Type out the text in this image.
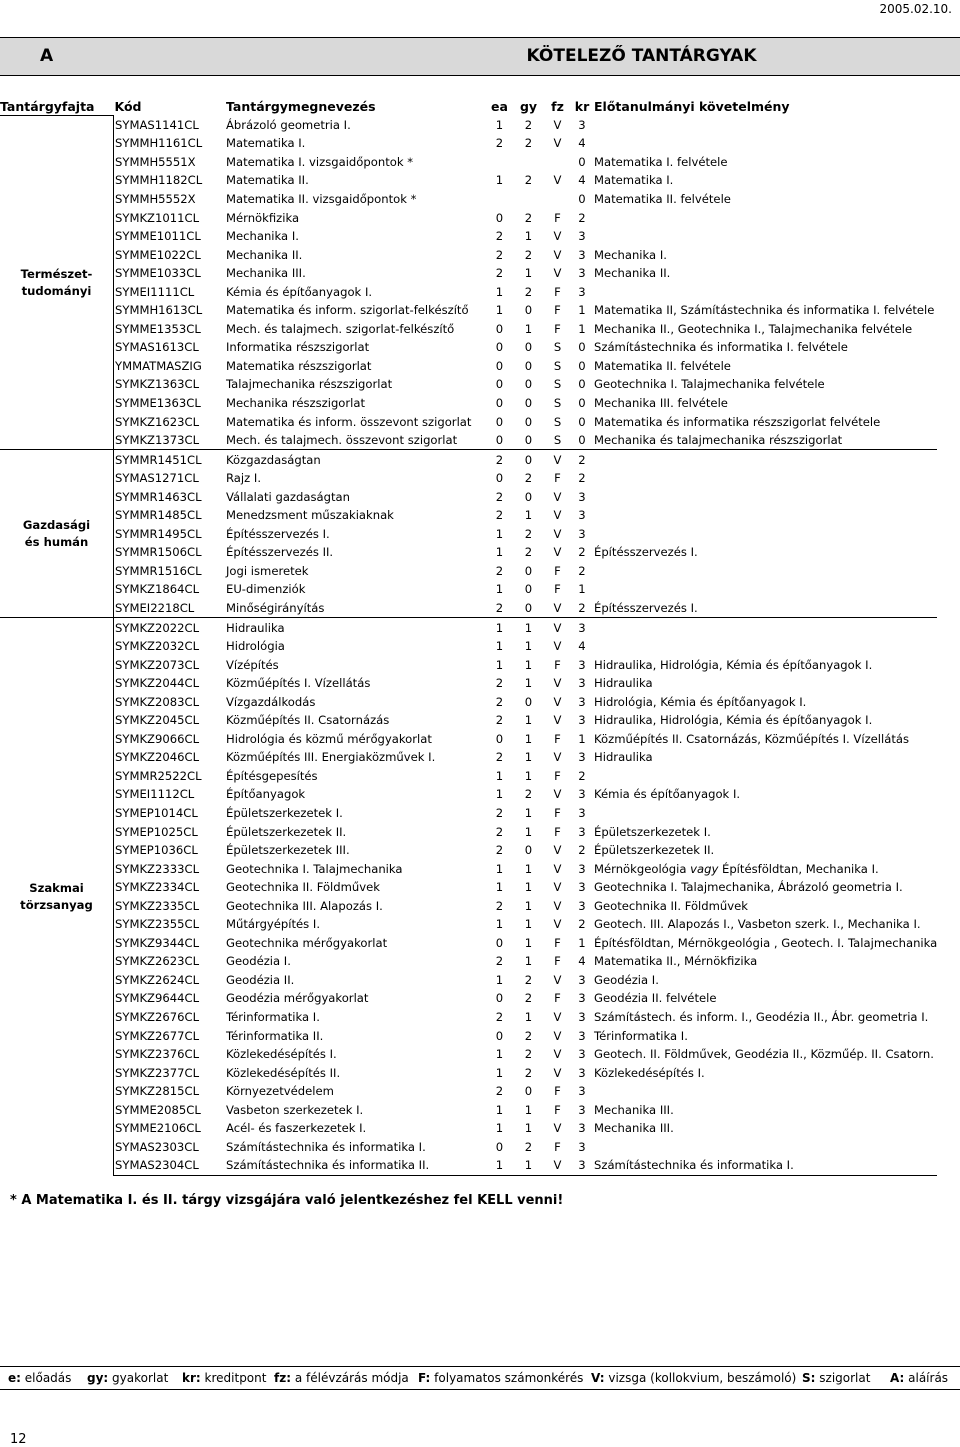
2005.02.10.
A	KÖTELEZŐ TANTÁRGYAK
Tantárgyfajta	Kód	Tantárgymegnevezés	ea	gy	fz	kr	Előtanulmányi követelmény
Természet-
tudományi	SYMAS1141CL	Ábrázoló geometria I.	1	2	V	3	
	SYMMH1161CL	Matematika I.	2	2	V	4	
	SYMMH5551X	Matematika I. vizsgaidőpontok *				0	Matematika I. felvétele
	SYMMH1182CL	Matematika II.	1	2	V	4	Matematika I.
	SYMMH5552X	Matematika II. vizsgaidőpontok *				0	Matematika II. felvétele
	SYMKZ1011CL	Mérnökfizika	0	2	F	2	
	SYMME1011CL	Mechanika I.	2	1	V	3	
	SYMME1022CL	Mechanika II.	2	2	V	3	Mechanika I.
	SYMME1033CL	Mechanika III.	2	1	V	3	Mechanika II.
	SYMEI1111CL	Kémia és építőanyagok I.	1	2	F	3	
	SYMMH1613CL	Matematika és inform. szigorlat-felkészítő	1	0	F	1	Matematika II, Számítástechnika és informatika I. felvétele
	SYMME1353CL	Mech. és talajmech. szigorlat-felkészítő	0	1	F	1	Mechanika II., Geotechnika I., Talajmechanika felvétele
	SYMAS1613CL	Informatika részszigorlat	0	0	S	0	Számítástechnika és informatika I. felvétele
	YMMATMASZIG	Matematika részszigorlat	0	0	S	0	Matematika II. felvétele
	SYMKZ1363CL	Talajmechanika részszigorlat	0	0	S	0	Geotechnika I. Talajmechanika felvétele
	SYMME1363CL	Mechanika részszigorlat	0	0	S	0	Mechanika III. felvétele
	SYMKZ1623CL	Matematika és inform. összevont szigorlat	0	0	S	0	Matematika és informatika részszigorlat felvétele
	SYMKZ1373CL	Mech. és talajmech. összevont szigorlat	0	0	S	0	Mechanika és talajmechanika részszigorlat
Gazdasági
és humán	SYMMR1451CL	Közgazdaságtan	2	0	V	2	
	SYMAS1271CL	Rajz I.	0	2	F	2	
	SYMMR1463CL	Vállalati gazdaságtan	2	0	V	3	
	SYMMR1485CL	Menedzsment műszakiaknak	2	1	V	3	
	SYMMR1495CL	Építésszervezés I.	1	2	V	3	
	SYMMR1506CL	Építésszervezés II.	1	2	V	2	Építésszervezés I.
	SYMMR1516CL	Jogi ismeretek	2	0	F	2	
	SYMKZ1864CL	EU-dimenziók	1	0	F	1	
	SYMEI2218CL	Minőségirányítás	2	0	V	2	Építésszervezés I.
Szakmai
törzsanyag	SYMKZ2022CL	Hidraulika	1	1	V	3	
	SYMKZ2032CL	Hidrológia	1	1	V	4	
	SYMKZ2073CL	Vízépítés	1	1	F	3	Hidraulika, Hidrológia, Kémia és építőanyagok I.
	SYMKZ2044CL	Közműépítés I. Vízellátás	2	1	V	3	Hidraulika
	SYMKZ2083CL	Vízgazdálkodás	2	0	V	3	Hidrológia, Kémia és építőanyagok I.
	SYMKZ2045CL	Közműépítés II. Csatornázás	2	1	V	3	Hidraulika, Hidrológia, Kémia és építőanyagok I.
	SYMKZ9066CL	Hidrológia és közmű mérőgyakorlat	0	1	F	1	Közműépítés II. Csatornázás, Közműépítés I. Vízellátás
	SYMKZ2046CL	Közműépítés III. Energiaközművek I.	2	1	V	3	Hidraulika
	SYMMR2522CL	Építésgepesítés	1	1	F	2	
	SYMEI1112CL	Építőanyagok	1	2	V	3	Kémia és építőanyagok I.
	SYMEP1014CL	Épületszerkezetek I.	2	1	F	3	
	SYMEP1025CL	Épületszerkezetek II.	2	1	F	3	Épületszerkezetek I.
	SYMEP1036CL	Épületszerkezetek III.	2	0	V	2	Épületszerkezetek II.
	SYMKZ2333CL	Geotechnika I. Talajmechanika	1	1	V	3	Mérnökgeológia vagy Építésföldtan, Mechanika I.
	SYMKZ2334CL	Geotechnika II. Földművek	1	1	V	3	Geotechnika I. Talajmechanika, Ábrázoló geometria I.
	SYMKZ2335CL	Geotechnika III. Alapozás I.	2	1	V	3	Geotechnika II. Földművek
	SYMKZ2355CL	Műtárgyépítés I.	1	1	V	2	Geotech. III. Alapozás I., Vasbeton szerk. I., Mechanika I.
	SYMKZ9344CL	Geotechnika mérőgyakorlat	0	1	F	1	Építésföldtan, Mérnökgeológia , Geotech. I. Talajmechanika
	SYMKZ2623CL	Geodézia I.	2	1	F	4	Matematika II., Mérnökfizika
	SYMKZ2624CL	Geodézia II.	1	2	V	3	Geodézia I.
	SYMKZ9644CL	Geodézia mérőgyakorlat	0	2	F	3	Geodézia II. felvétele
	SYMKZ2676CL	Térinformatika I.	2	1	V	3	Számítástech. és inform. I., Geodézia II., Ábr. geometria I.
	SYMKZ2677CL	Térinformatika II.	0	2	V	3	Térinformatika I.
	SYMKZ2376CL	Közlekedésépítés I.	1	2	V	3	Geotech. II. Földművek, Geodézia II., Közműép. II. Csatorn.
	SYMKZ2377CL	Közlekedésépítés II.	1	2	V	3	Közlekedésépítés I.
	SYMKZ2815CL	Környezetvédelem	2	0	F	3	
	SYMME2085CL	Vasbeton szerkezetek I.	1	1	F	3	Mechanika III.
	SYMME2106CL	Acél- és faszerkezetek I.	1	1	V	3	Mechanika III.
	SYMAS2303CL	Számítástechnika és informatika I.	0	2	F	3	
	SYMAS2304CL	Számítástechnika és informatika II.	1	1	V	3	Számítástechnika és informatika I.
* A Matematika I. és II. tárgy vizsgájára való jelentkezéshez fel KELL venni!
e: előadás gy: gyakorlat kr: kreditpont fz: a félévzárás módja F: folyamatos számonkérés V: vizsga (kollokvium, beszámoló) S: szigorlat A: aláírás
12
